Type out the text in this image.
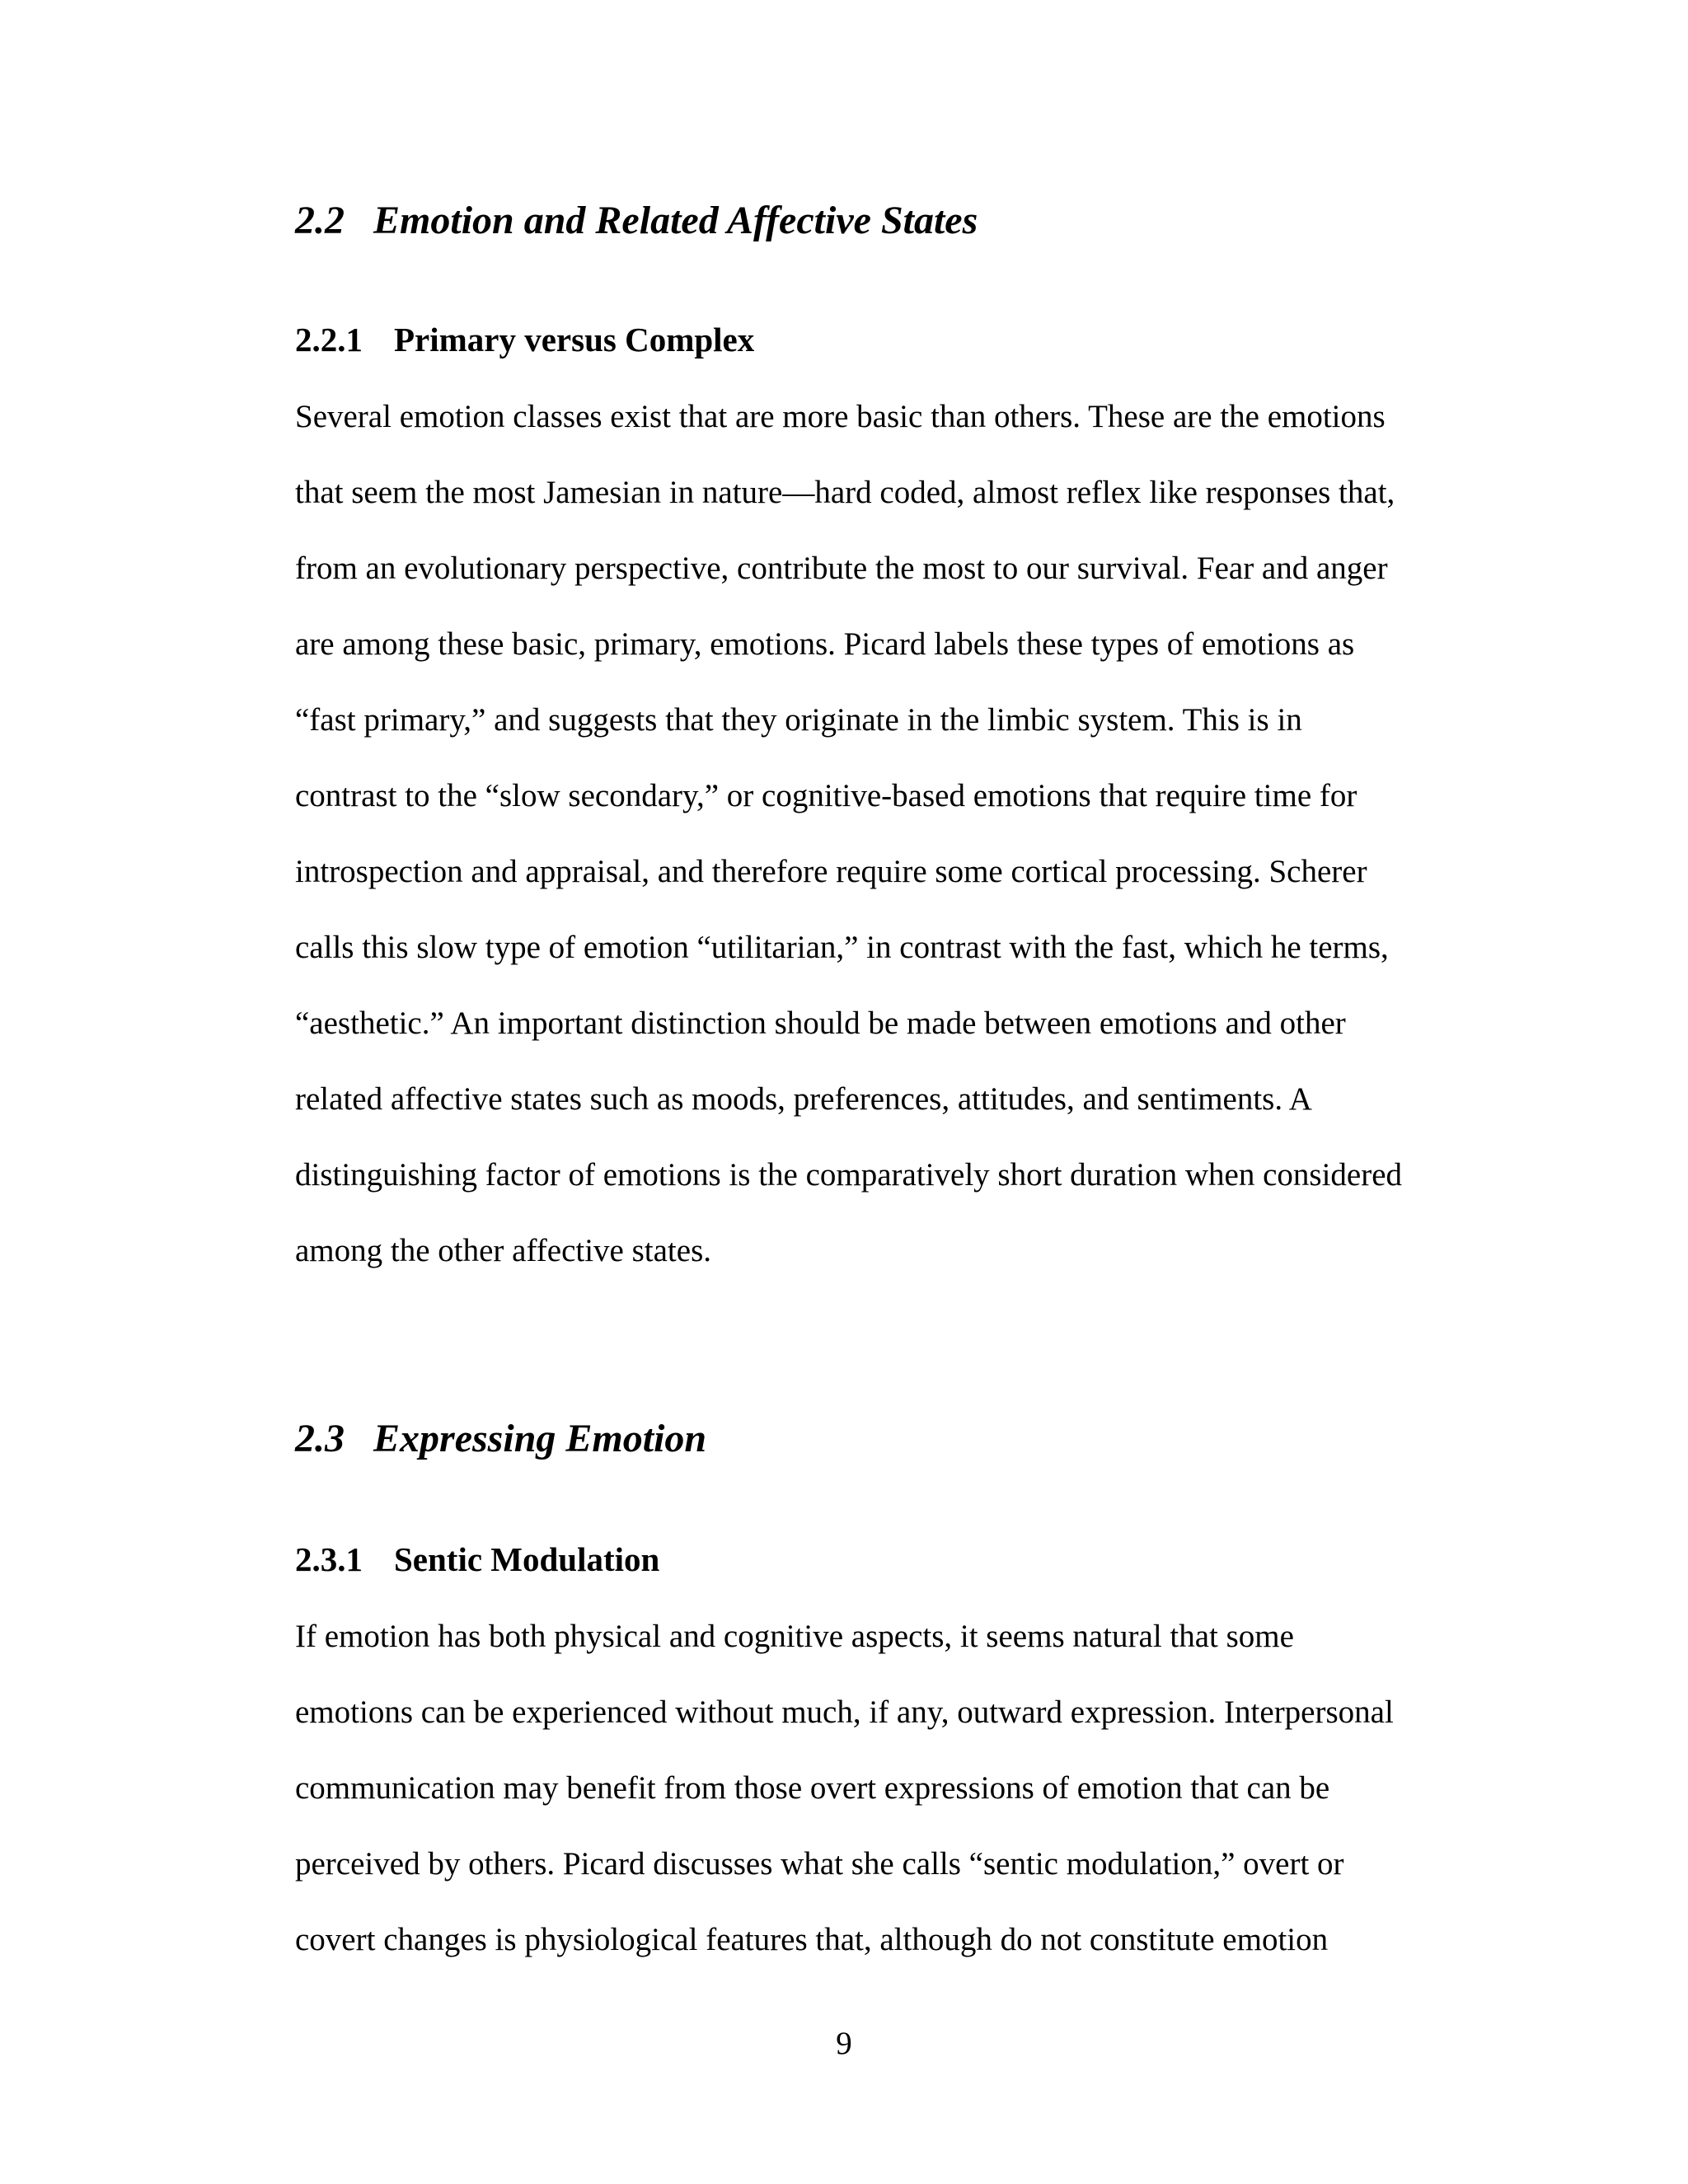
2.2 Emotion and Related Affective States
2.2.1 Primary versus Complex

Several emotion classes exist that are more basic than others. These are the emotions
that seem the most Jamesian in nature—hard coded, almost reflex like responses that,
from an evolutionary perspective, contribute the most to our survival. Fear and anger
are among these basic, primary, emotions. Picard labels these types of emotions as
“fast primary,” and suggests that they originate in the limbic system. This is in
contrast to the “slow secondary,” or cognitive-based emotions that require time for
introspection and appraisal, and therefore require some cortical processing. Scherer
calls this slow type of emotion “utilitarian,” in contrast with the fast, which he terms,
“aesthetic.” An important distinction should be made between emotions and other
related affective states such as moods, preferences, attitudes, and sentiments. A
distinguishing factor of emotions is the comparatively short duration when considered
among the other affective states.

2.3 Expressing Emotion
2.3.1 Sentic Modulation

If emotion has both physical and cognitive aspects, it seems natural that some
emotions can be experienced without much, if any, outward expression. Interpersonal
communication may benefit from those overt expressions of emotion that can be
perceived by others. Picard discusses what she calls “sentic modulation,” overt or
covert changes is physiological features that, although do not constitute emotion

9
